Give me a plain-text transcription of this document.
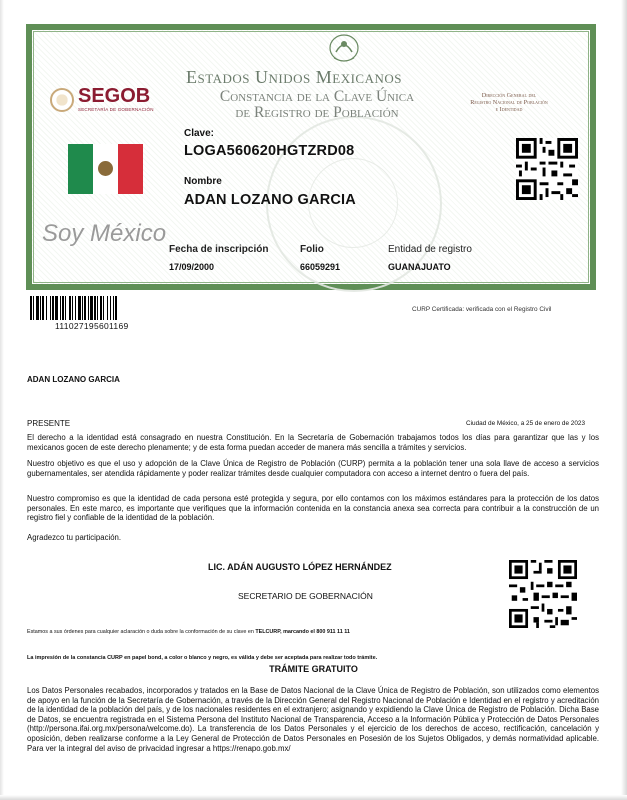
SEGOB
SECRETARÍA DE GOBERNACIÓN
Estados Unidos Mexicanos
Constancia de la Clave Única
de Registro de Población
Dirección General del
Registro Nacional de Población
e Identidad
Clave:
LOGA560620HGTZRD08
Nombre
ADAN LOZANO GARCIA
Soy México
Fecha de inscripción
17/09/2000
Folio
66059291
Entidad de registro
GUANAJUATO
111027195601169
CURP Certificada: verificada con el Registro Civil
ADAN LOZANO GARCIA
PRESENTE	Ciudad de México, a 25 de enero de 2023
El derecho a la identidad está consagrado en nuestra Constitución. En la Secretaría de Gobernación trabajamos todos los días para garantizar que las y los mexicanos gocen de este derecho plenamente; y de esta forma puedan acceder de manera más sencilla a trámites y servicios.
Nuestro objetivo es que el uso y adopción de la Clave Única de Registro de Población (CURP) permita a la población tener una sola llave de acceso a servicios gubernamentales, ser atendida rápidamente y poder realizar trámites desde cualquier computadora con acceso a internet dentro o fuera del país.
Nuestro compromiso es que la identidad de cada persona esté protegida y segura, por ello contamos con los máximos estándares para la protección de los datos personales. En este marco, es importante que verifiques que la información contenida en la constancia anexa sea correcta para contribuir a la construcción de un registro fiel y confiable de la identidad de la población.
Agradezco tu participación.
LIC. ADÁN AUGUSTO LÓPEZ HERNÁNDEZ
SECRETARIO DE GOBERNACIÓN
Estamos a sus órdenes para cualquier aclaración o duda sobre la conformación de su clave en TELCURP, marcando el 800 911 11 11
La impresión de la constancia CURP en papel bond, a color o blanco y negro, es válida y debe ser aceptada para realizar todo trámite.
TRÁMITE GRATUITO
Los Datos Personales recabados, incorporados y tratados en la Base de Datos Nacional de la Clave Única de Registro de Población, son utilizados como elementos de apoyo en la función de la Secretaría de Gobernación, a través de la Dirección General del Registro Nacional de Población e Identidad en el registro y acreditación de la identidad de la población del país, y de los nacionales residentes en el extranjero; asignando y expidiendo la Clave Única de Registro de Población. Dicha Base de Datos, se encuentra registrada en el Sistema Persona del Instituto Nacional de Transparencia, Acceso a la Información Pública y Protección de Datos Personales (http://persona.ifai.org.mx/persona/welcome.do). La transferencia de los Datos Personales y el ejercicio de los derechos de acceso, rectificación, cancelación y oposición, deben realizarse conforme a la Ley General de Protección de Datos Personales en Posesión de los Sujetos Obligados, y demás normatividad aplicable. Para ver la integral del aviso de privacidad ingresar a https://renapo.gob.mx/
